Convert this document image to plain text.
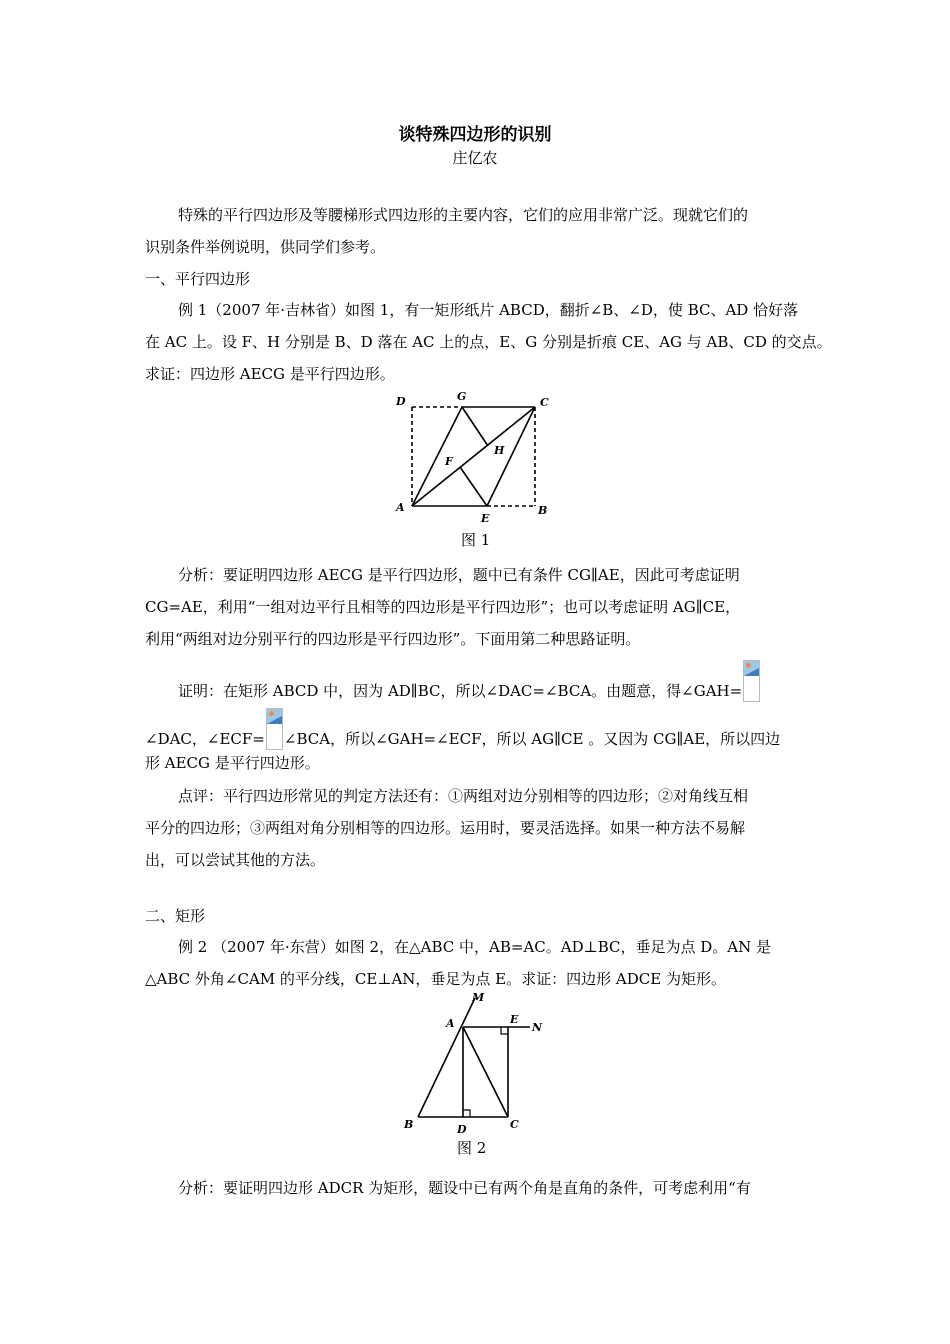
谈特殊四边形的识别
庄亿农
特殊的平行四边形及等腰梯形式四边形的主要内容，它们的应用非常广泛。现就它们的
识别条件举例说明，供同学们参考。
一、平行四边形
例 1（2007 年·吉林省）如图 1，有一矩形纸片 ABCD，翻折∠B、∠D，使 BC、AD 恰好落
在 AC 上。设 F、H 分别是 B、D 落在 AC 上的点，E、G 分别是折痕 CE、AG 与 AB、CD 的交点。
求证：四边形 AECG 是平行四边形。
A	B
C
D
E
F
G
H
图 1
分析：要证明四边形 AECG 是平行四边形，题中已有条件 CG∥AE，因此可考虑证明
CG=AE，利用“一组对边平行且相等的四边形是平行四边形”；也可以考虑证明 AG∥CE，
利用“两组对边分别平行的四边形是平行四边形”。下面用第二种思路证明。
证明：在矩形 ABCD 中，因为 AD∥BC，所以∠DAC=∠BCA。由题意，得∠GAH=
∠DAC，∠ECF= ∠BCA，所以∠GAH=∠ECF，所以 AG∥CE 。又因为 CG∥AE，所以四边
形 AECG 是平行四边形。
点评：平行四边形常见的判定方法还有：①两组对边分别相等的四边形；②对角线互相
平分的四边形；③两组对角分别相等的四边形。运用时，要灵活选择。如果一种方法不易解
出，可以尝试其他的方法。
二、矩形
例 2 （2007 年·东营）如图 2，在△ABC 中，AB=AC。AD⊥BC，垂足为点 D。AN 是
△ABC 外角∠CAM 的平分线，CE⊥AN，垂足为点 E。求证：四边形 ADCE 为矩形。
M
A	E
N
B	D	C
图 2
分析：要证明四边形 ADCR 为矩形，题设中已有两个角是直角的条件，可考虑利用“有
